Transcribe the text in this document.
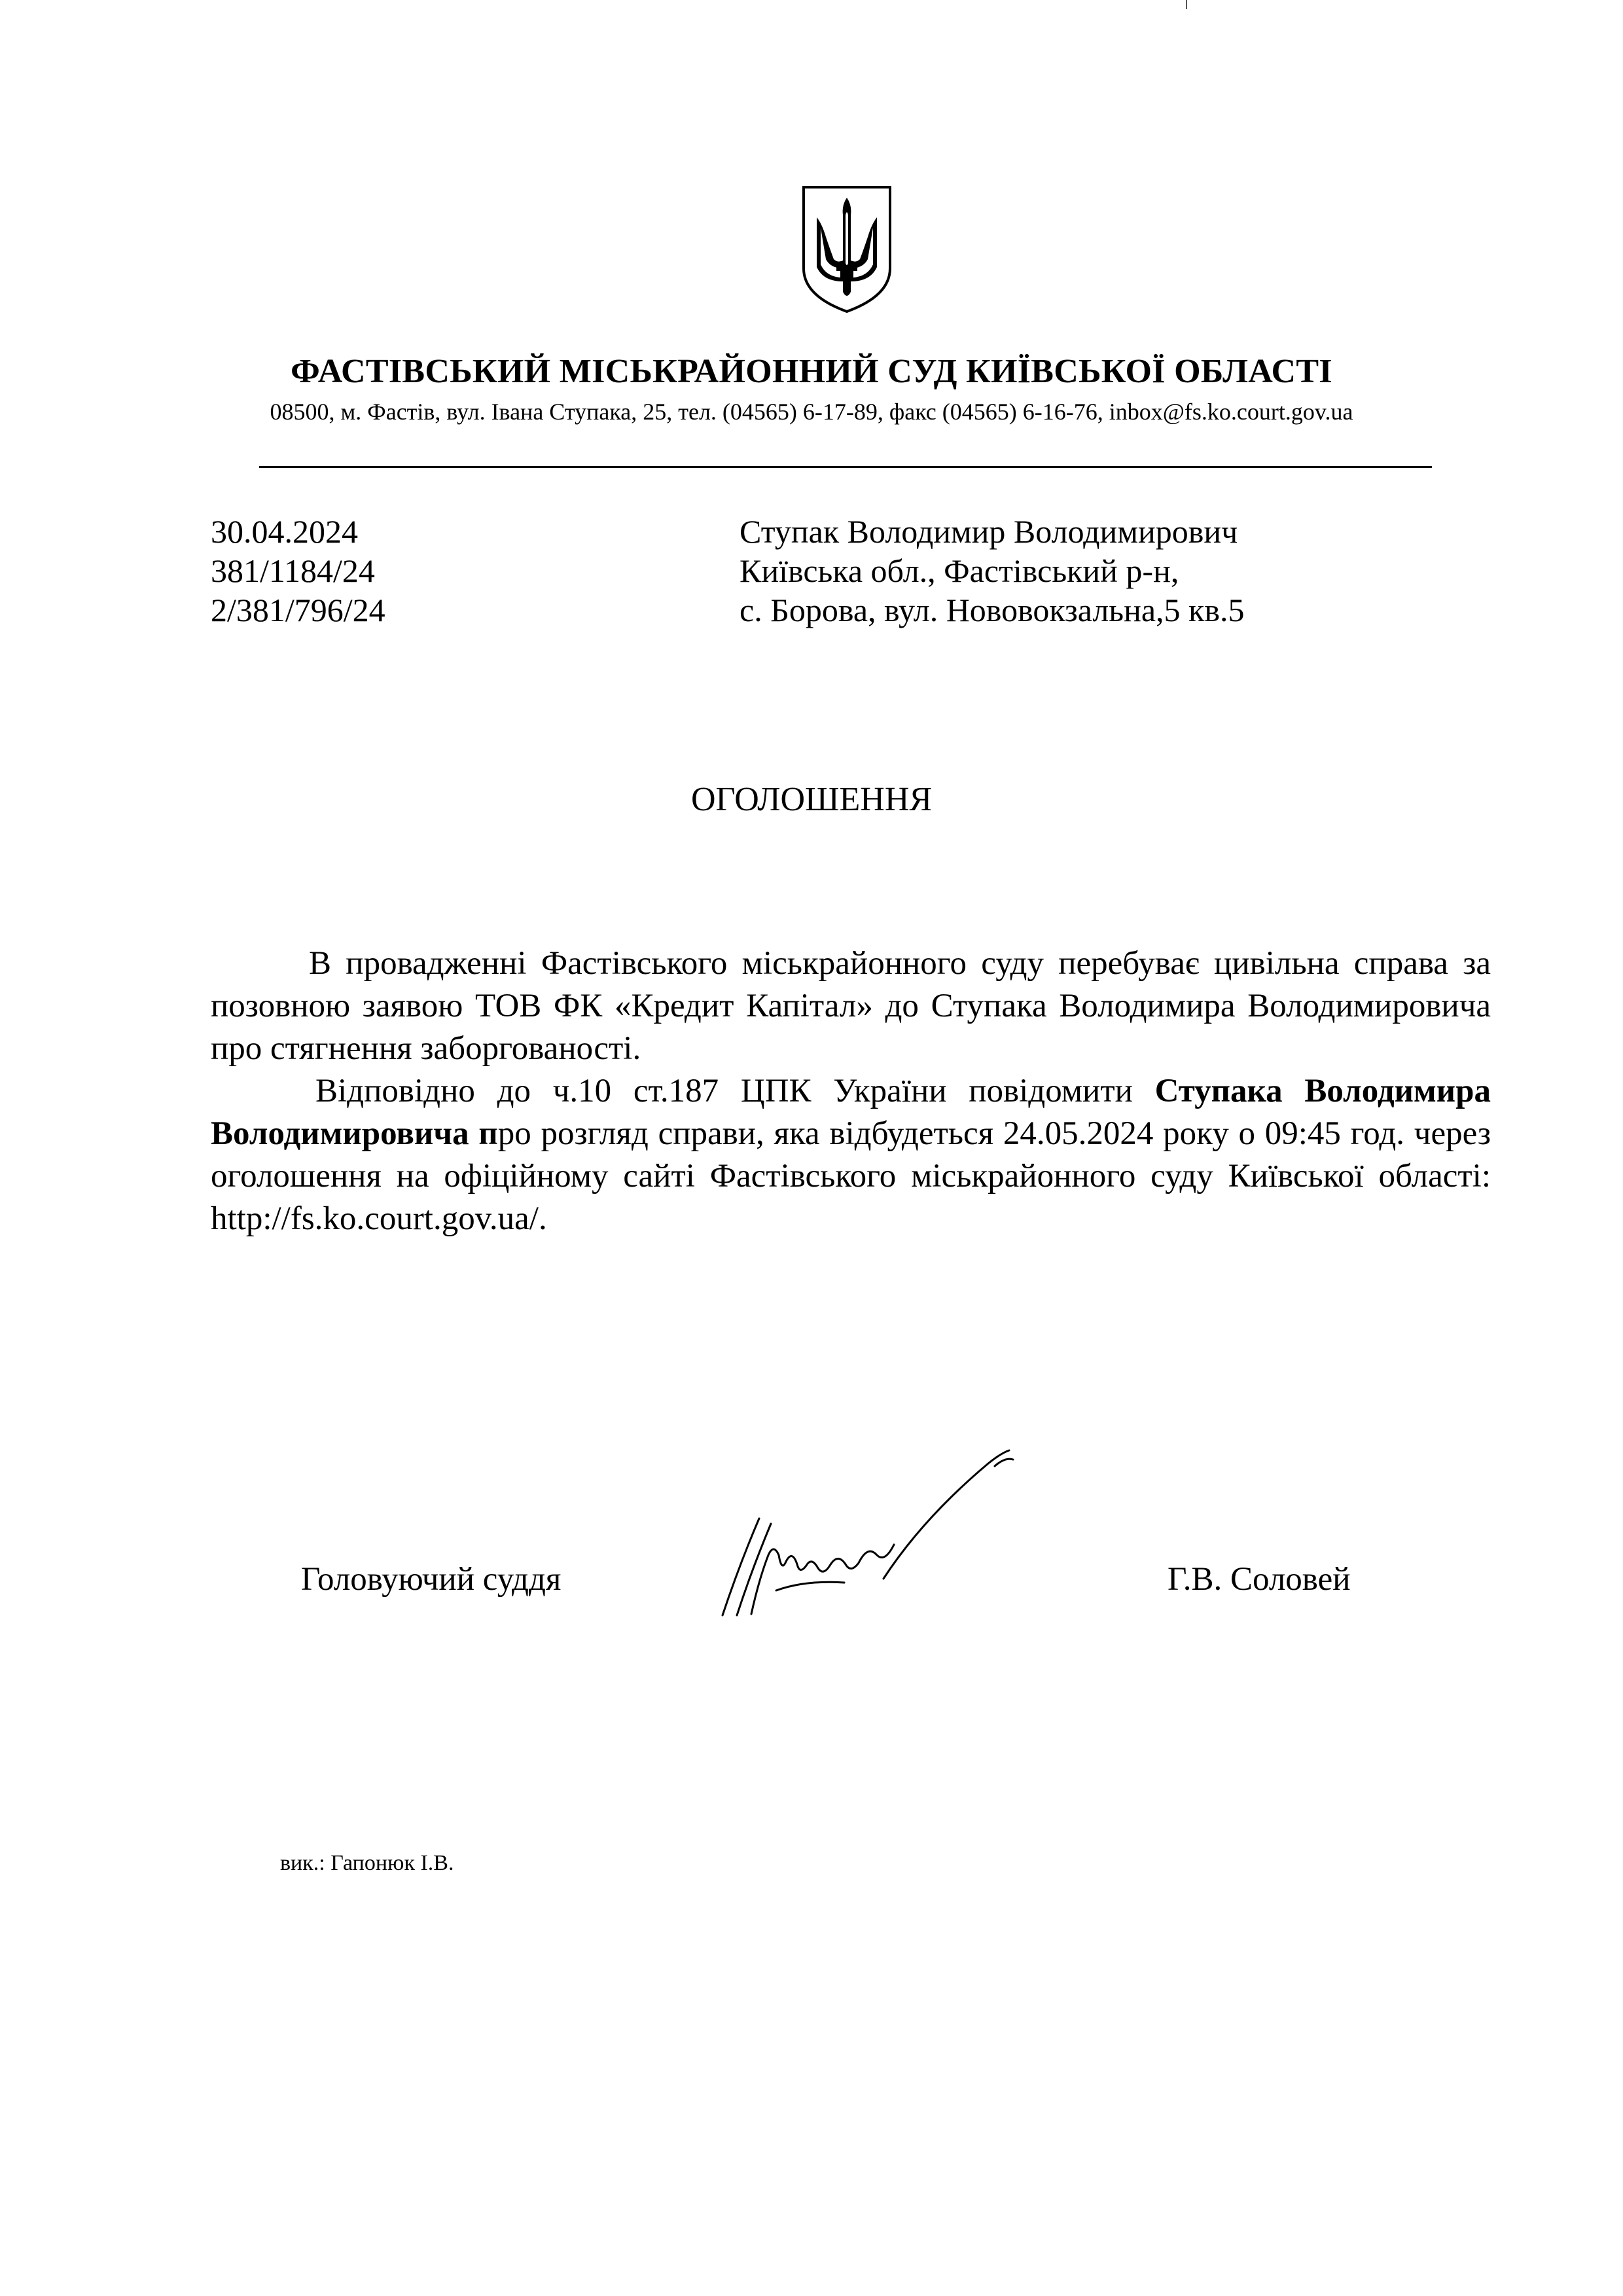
ФАСТІВСЬКИЙ МІСЬКРАЙОННИЙ СУД КИЇВСЬКОЇ ОБЛАСТІ
08500, м. Фастів, вул. Івана Ступака, 25, тел. (04565) 6-17-89, факс (04565) 6-16-76, inbox@fs.ko.court.gov.ua
30.04.2024
381/1184/24
2/381/796/24
Ступак Володимир Володимирович
Київська обл., Фастівський р-н,
с. Борова, вул. Нововокзальна,5 кв.5
ОГОЛОШЕННЯ

В провадженні Фастівського міськрайонного суду перебуває цивільна справа за позовною заявою ТОВ ФК «Кредит Капітал» до Ступака Володимира Володимировича про стягнення заборгованості.

Відповідно до ч.10 ст.187 ЦПК України повідомити Ступака Володимира Володимировича про розгляд справи, яка відбудеться 24.05.2024 року о 09:45 год. через оголошення на офіційному сайті Фастівського міськрайонного суду Київської області: http://fs.ko.court.gov.ua/.

Головуючий суддя	Г.В. Соловей
вик.: Гапонюк І.В.
